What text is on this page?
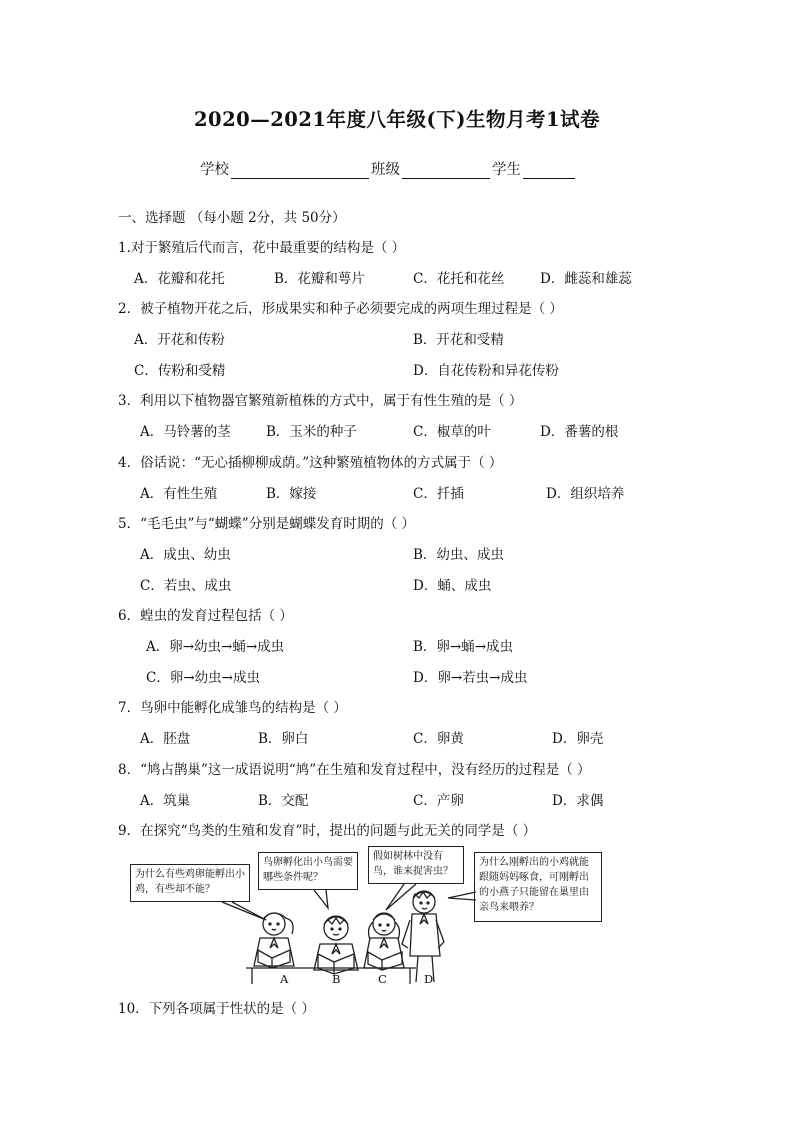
2020—2021年度八年级(下)生物月考1试卷
学校	班级	学生
一、选择题 （每小题 2分，共 50分）
1.对于繁殖后代而言，花中最重要的结构是（ ）
A．花瓣和花托	B．花瓣和萼片	C．花托和花丝	D．雌蕊和雄蕊
2．被子植物开花之后，形成果实和种子必须要完成的两项生理过程是（ ）
A．开花和传粉	B．开花和受精
C．传粉和受精	D．自花传粉和异花传粉
3．利用以下植物器官繁殖新植株的方式中，属于有性生殖的是（ ）
A．马铃薯的茎	B．玉米的种子	C．椒草的叶	D．番薯的根
4．俗话说：“无心插柳柳成荫。”这种繁殖植物体的方式属于（ ）
A．有性生殖	B．嫁接	C．扦插	D．组织培养
5．“毛毛虫”与“蝴蝶”分别是蝴蝶发育时期的（ ）
A．成虫、幼虫	B．幼虫、成虫
C．若虫、成虫	D．蛹、成虫
6．蝗虫的发育过程包括（ ）
A．卵→幼虫→蛹→成虫	B．卵→蛹→成虫
C．卵→幼虫→成虫	D．卵→若虫→成虫
7．鸟卵中能孵化成雏鸟的结构是（ ）
A．胚盘	B．卵白	C．卵黄	D．卵壳
8．“鸠占鹊巢”这一成语说明“鸠”在生殖和发育过程中，没有经历的过程是（ ）
A．筑巢	B．交配	C．产卵	D．求偶
9．在探究“鸟类的生殖和发育”时，提出的问题与此无关的同学是（ ）
为什么有些鸡卵能孵出小鸡，有些却不能？
鸟卵孵化出小鸟需要哪些条件呢？
假如树林中没有鸟，谁来捉害虫？
为什么刚孵出的小鸡就能跟随妈妈啄食，可刚孵出的小燕子只能留在巢里由亲鸟来喂养？
A	B	C	D
10．下列各项属于性状的是（ ）
